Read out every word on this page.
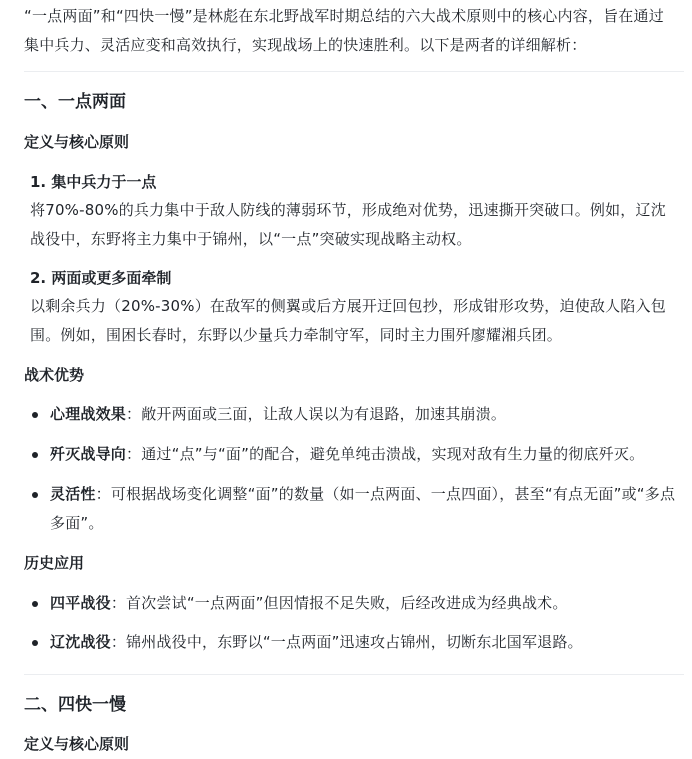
“一点两面”和“四快一慢”是林彪在东北野战军时期总结的六大战术原则中的核心内容，旨在通过集中兵力、灵活应变和高效执行，实现战场上的快速胜利。以下是两者的详细解析：
一、一点两面
定义与核心原则
1. 集中兵力于一点
将70%-80%的兵力集中于敌人防线的薄弱环节，形成绝对优势，迅速撕开突破口。例如，辽沈战役中，东野将主力集中于锦州，以“一点”突破实现战略主动权。
2. 两面或更多面牵制
以剩余兵力（20%-30%）在敌军的侧翼或后方展开迂回包抄，形成钳形攻势，迫使敌人陷入包围。例如，围困长春时，东野以少量兵力牵制守军，同时主力围歼廖耀湘兵团。
战术优势
心理战效果：敞开两面或三面，让敌人误以为有退路，加速其崩溃。
歼灭战导向：通过“点”与“面”的配合，避免单纯击溃战，实现对敌有生力量的彻底歼灭。
灵活性：可根据战场变化调整“面”的数量（如一点两面、一点四面），甚至“有点无面”或“多点多面”。
历史应用
四平战役：首次尝试“一点两面”但因情报不足失败，后经改进成为经典战术。
辽沈战役：锦州战役中，东野以“一点两面”迅速攻占锦州，切断东北国军退路。
二、四快一慢
定义与核心原则
